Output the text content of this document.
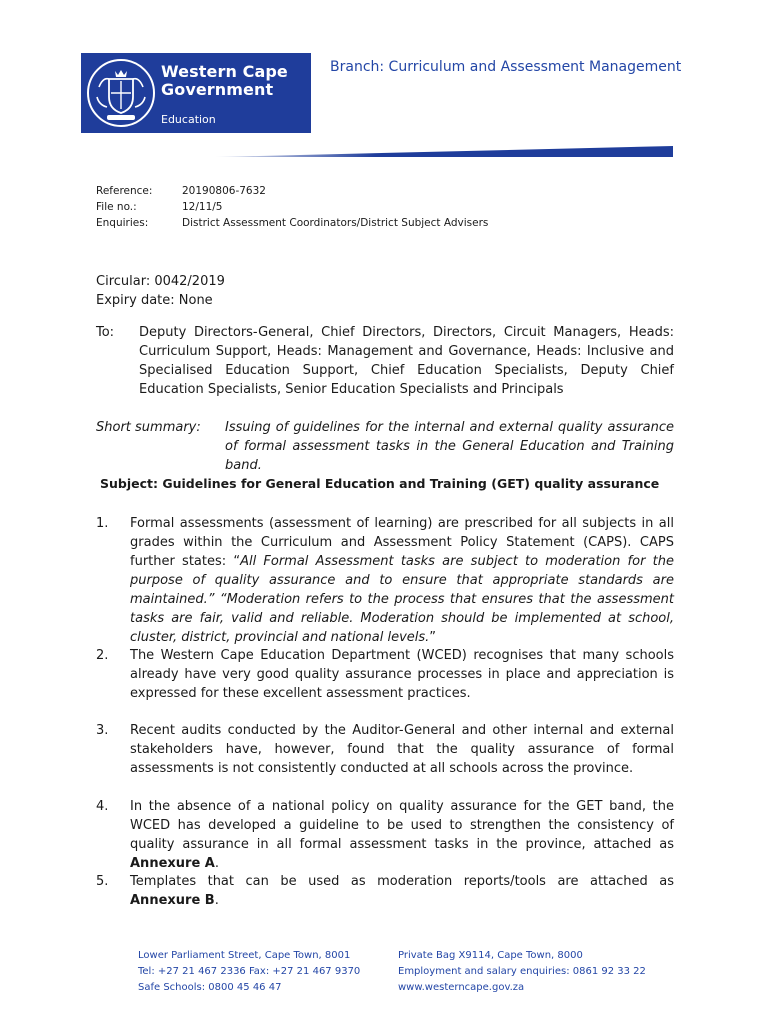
Western Cape
Government
Education
Branch: Curriculum and Assessment Management
Reference:	20190806-7632
File no.:	12/11/5
Enquiries:	District Assessment Coordinators/District Subject Advisers
Circular: 0042/2019
Expiry date: None
To: Deputy Directors-General, Chief Directors, Directors, Circuit Managers, Heads: Curriculum Support, Heads: Management and Governance, Heads: Inclusive and Specialised Education Support, Chief Education Specialists, Deputy Chief Education Specialists, Senior Education Specialists and Principals
Short summary: Issuing of guidelines for the internal and external quality assurance of formal assessment tasks in the General Education and Training band.
Subject: Guidelines for General Education and Training (GET) quality assurance
1. Formal assessments (assessment of learning) are prescribed for all subjects in all grades within the Curriculum and Assessment Policy Statement (CAPS). CAPS further states: “All Formal Assessment tasks are subject to moderation for the purpose of quality assurance and to ensure that appropriate standards are maintained.” “Moderation refers to the process that ensures that the assessment tasks are fair, valid and reliable. Moderation should be implemented at school, cluster, district, provincial and national levels.”
2. The Western Cape Education Department (WCED) recognises that many schools already have very good quality assurance processes in place and appreciation is expressed for these excellent assessment practices.
3. Recent audits conducted by the Auditor-General and other internal and external stakeholders have, however, found that the quality assurance of formal assessments is not consistently conducted at all schools across the province.
4. In the absence of a national policy on quality assurance for the GET band, the WCED has developed a guideline to be used to strengthen the consistency of quality assurance in all formal assessment tasks in the province, attached as Annexure A.
5. Templates that can be used as moderation reports/tools are attached as Annexure B.
Lower Parliament Street, Cape Town, 8001
Tel: +27 21 467 2336 Fax: +27 21 467 9370
Safe Schools: 0800 45 46 47
Private Bag X9114, Cape Town, 8000
Employment and salary enquiries: 0861 92 33 22
www.westerncape.gov.za
